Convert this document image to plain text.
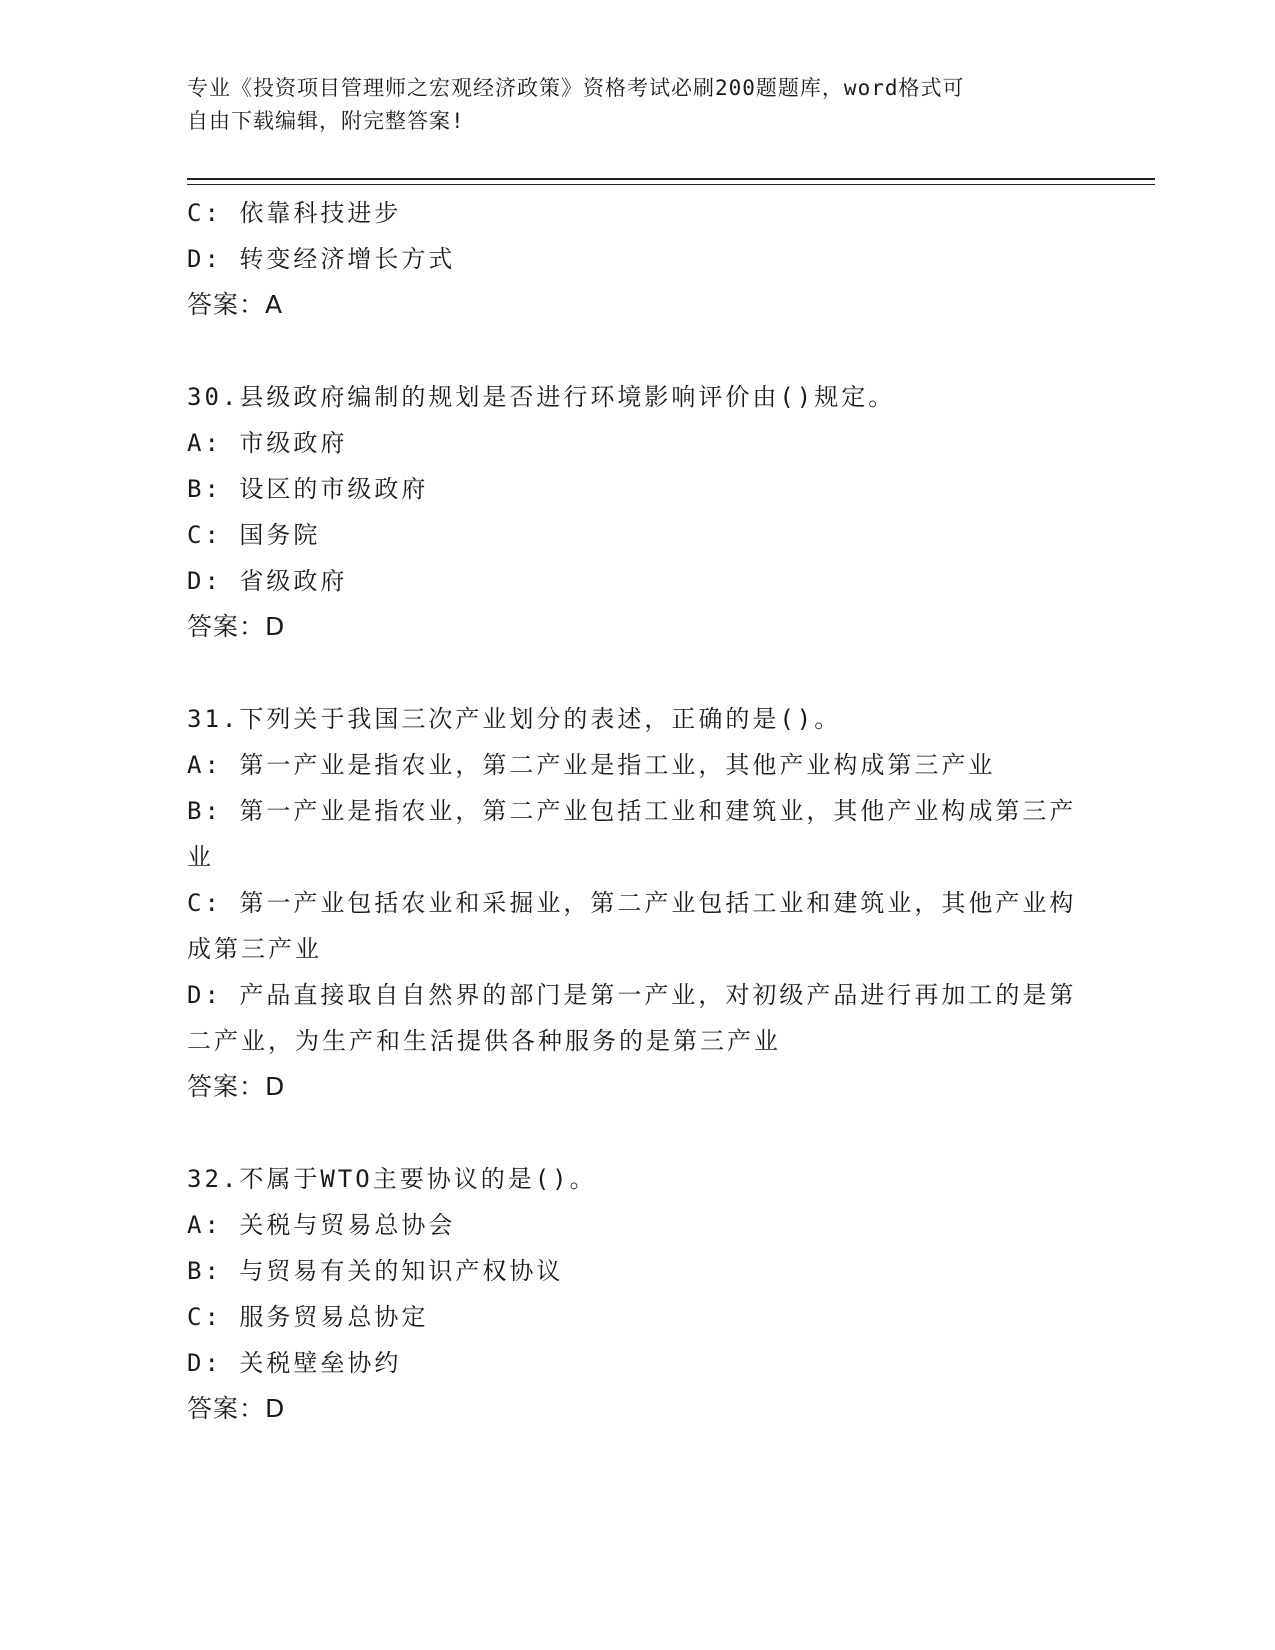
专业《投资项目管理师之宏观经济政策》资格考试必刷200题题库，word格式可
自由下载编辑，附完整答案!
C: 依靠科技进步
D: 转变经济增长方式
答案：A
30.县级政府编制的规划是否进行环境影响评价由()规定。
A: 市级政府
B: 设区的市级政府
C: 国务院
D: 省级政府
答案：D
31.下列关于我国三次产业划分的表述，正确的是()。
A: 第一产业是指农业，第二产业是指工业，其他产业构成第三产业
B: 第一产业是指农业，第二产业包括工业和建筑业，其他产业构成第三产业
C: 第一产业包括农业和采掘业，第二产业包括工业和建筑业，其他产业构成第三产业
D: 产品直接取自自然界的部门是第一产业，对初级产品进行再加工的是第二产业，为生产和生活提供各种服务的是第三产业
答案：D
32.不属于WTO主要协议的是()。
A: 关税与贸易总协会
B: 与贸易有关的知识产权协议
C: 服务贸易总协定
D: 关税壁垒协约
答案：D
